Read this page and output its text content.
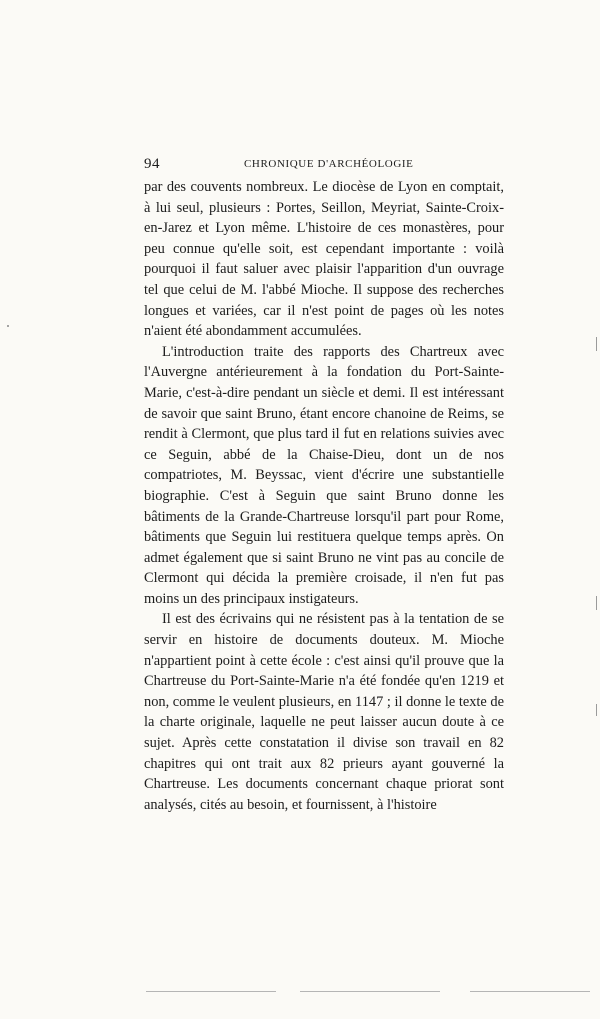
94	CHRONIQUE D'ARCHÉOLOGIE

par des couvents nombreux. Le diocèse de Lyon en comptait, à lui seul, plusieurs : Portes, Seillon, Meyriat, Sainte-Croix-en-Jarez et Lyon même. L'histoire de ces monastères, pour peu connue qu'elle soit, est cependant importante : voilà pourquoi il faut saluer avec plaisir l'apparition d'un ouvrage tel que celui de M. l'abbé Mioche. Il suppose des recherches longues et variées, car il n'est point de pages où les notes n'aient été abondamment accumulées.

L'introduction traite des rapports des Chartreux avec l'Auvergne antérieurement à la fondation du Port-Sainte-Marie, c'est-à-dire pendant un siècle et demi. Il est intéressant de savoir que saint Bruno, étant encore chanoine de Reims, se rendit à Clermont, que plus tard il fut en relations suivies avec ce Seguin, abbé de la Chaise-Dieu, dont un de nos compatriotes, M. Beyssac, vient d'écrire une substantielle biographie. C'est à Seguin que saint Bruno donne les bâtiments de la Grande-Chartreuse lorsqu'il part pour Rome, bâtiments que Seguin lui restituera quelque temps après. On admet également que si saint Bruno ne vint pas au concile de Clermont qui décida la première croisade, il n'en fut pas moins un des principaux instigateurs.

Il est des écrivains qui ne résistent pas à la tentation de se servir en histoire de documents douteux. M. Mioche n'appartient point à cette école : c'est ainsi qu'il prouve que la Chartreuse du Port-Sainte-Marie n'a été fondée qu'en 1219 et non, comme le veulent plusieurs, en 1147 ; il donne le texte de la charte originale, laquelle ne peut laisser aucun doute à ce sujet. Après cette constatation il divise son travail en 82 chapitres qui ont trait aux 82 prieurs ayant gouverné la Chartreuse. Les documents concernant chaque priorat sont analysés, cités au besoin, et fournissent, à l'histoire
